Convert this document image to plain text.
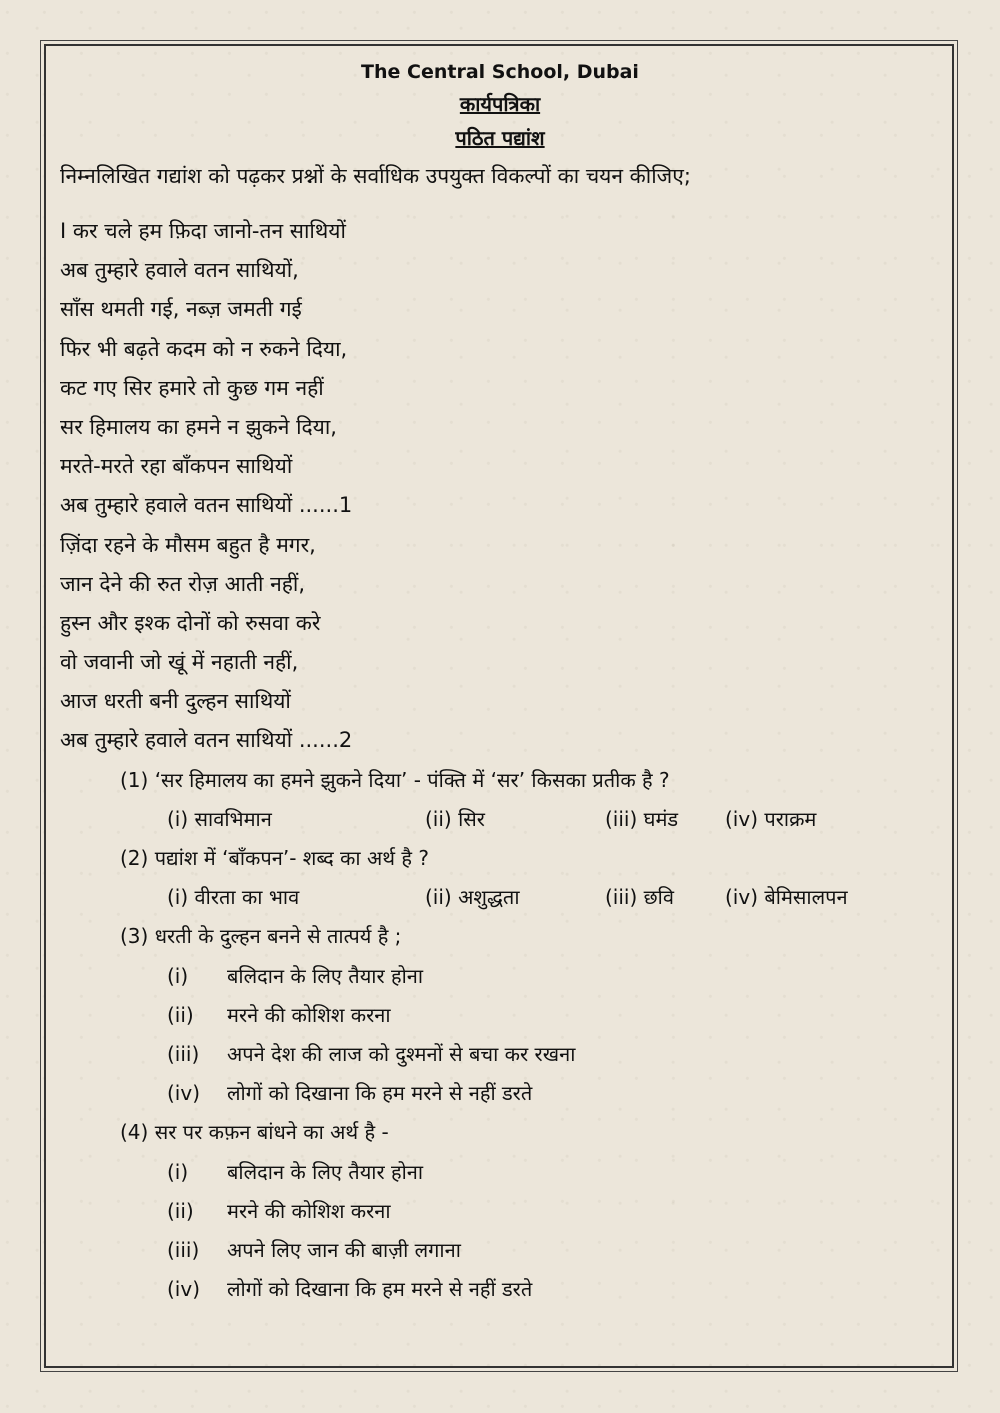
The Central School, Dubai

कार्यपत्रिका

पठित पद्यांश

निम्नलिखित गद्यांश को पढ़कर प्रश्नों के सर्वाधिक उपयुक्त विकल्पों का चयन कीजिए;

I कर चले हम फ़िदा जानो-तन साथियों
अब तुम्हारे हवाले वतन साथियों,
साँस थमती गई, नब्ज़ जमती गई
फिर भी बढ़ते कदम को न रुकने दिया,
कट गए सिर हमारे तो कुछ गम नहीं
सर हिमालय का हमने न झुकने दिया,
मरते-मरते रहा बाँकपन साथियों
अब तुम्हारे हवाले वतन साथियों ......1
ज़िंदा रहने के मौसम बहुत है मगर,
जान देने की रुत रोज़ आती नहीं,
हुस्न और इश्क दोनों को रुसवा करे
वो जवानी जो खूं में नहाती नहीं,
आज धरती बनी दुल्हन साथियों
अब तुम्हारे हवाले वतन साथियों ......2
(1) ‘सर हिमालय का हमने झुकने दिया’ - पंक्ति में ‘सर’ किसका प्रतीक है ?
(i) सावभिमान	(ii) सिर	(iii) घमंड (iv) पराक्रम
(2) पद्यांश में ‘बाँकपन’- शब्द का अर्थ है ?
(i) वीरता का भाव	(ii) अशुद्धता	(iii) छवि	(iv) बेमिसालपन
(3) धरती के दुल्हन बनने से तात्पर्य है ;
(i) बलिदान के लिए तैयार होना
(ii) मरने की कोशिश करना
(iii) अपने देश की लाज को दुश्मनों से बचा कर रखना
(iv) लोगों को दिखाना कि हम मरने से नहीं डरते
(4) सर पर कफ़न बांधने का अर्थ है -
(i) बलिदान के लिए तैयार होना
(ii) मरने की कोशिश करना
(iii) अपने लिए जान की बाज़ी लगाना
(iv) लोगों को दिखाना कि हम मरने से नहीं डरते
